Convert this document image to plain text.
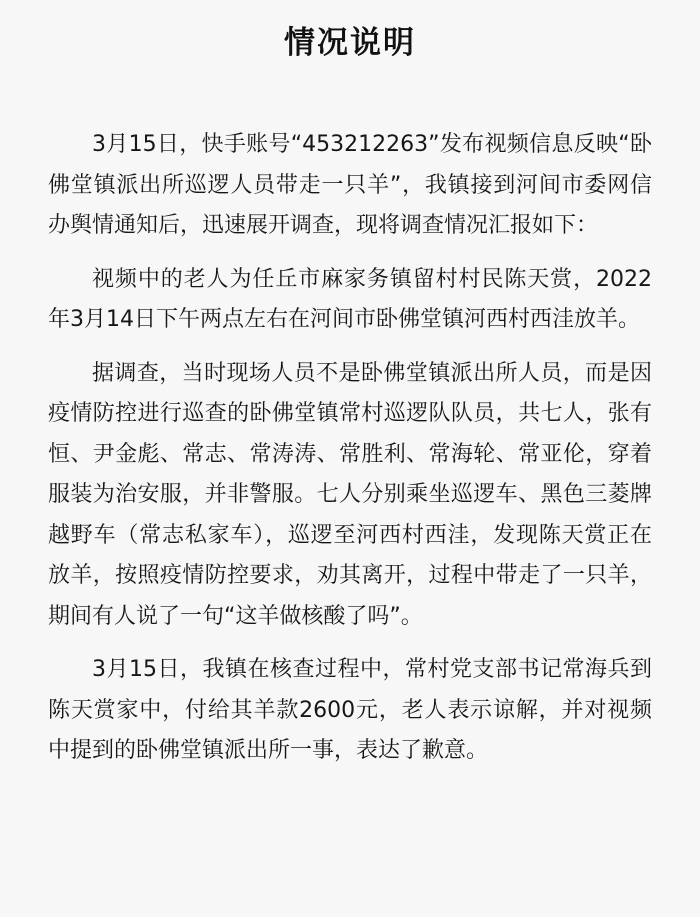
情况说明

3月15日，快手账号“453212263”发布视频信息反映“卧佛堂镇派出所巡逻人员带走一只羊”，我镇接到河间市委网信办舆情通知后，迅速展开调查，现将调查情况汇报如下：

视频中的老人为任丘市麻家务镇留村村民陈天赏，2022年3月14日下午两点左右在河间市卧佛堂镇河西村西洼放羊。

据调查，当时现场人员不是卧佛堂镇派出所人员，而是因疫情防控进行巡查的卧佛堂镇常村巡逻队队员，共七人，张有恒、尹金彪、常志、常涛涛、常胜利、常海轮、常亚伦，穿着服装为治安服，并非警服。七人分别乘坐巡逻车、黑色三菱牌越野车（常志私家车），巡逻至河西村西洼，发现陈天赏正在放羊，按照疫情防控要求，劝其离开，过程中带走了一只羊，期间有人说了一句“这羊做核酸了吗”。

3月15日，我镇在核查过程中，常村党支部书记常海兵到陈天赏家中，付给其羊款2600元，老人表示谅解，并对视频中提到的卧佛堂镇派出所一事，表达了歉意。
